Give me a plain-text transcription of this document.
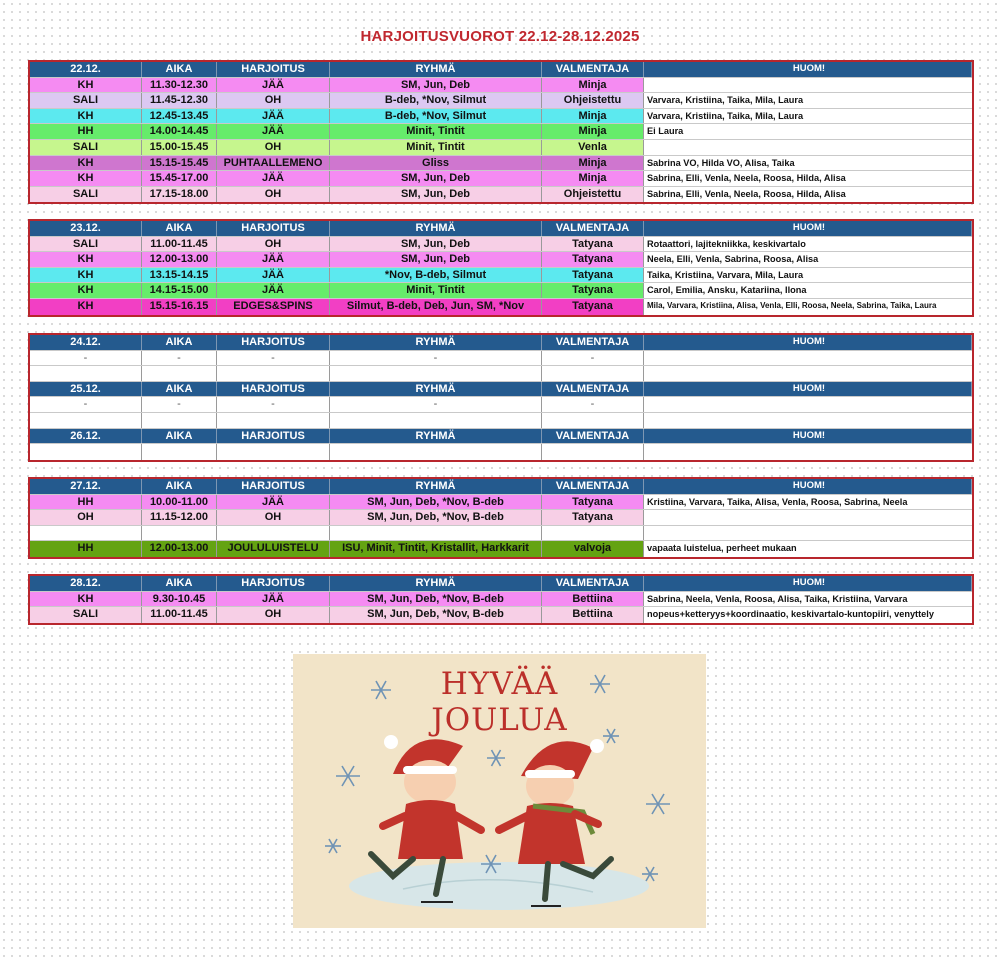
HARJOITUSVUOROT 22.12-28.12.2025
22.12.	AIKA	HARJOITUS	RYHMÄ	VALMENTAJA	HUOM!
KH	11.30-12.30	JÄÄ	SM, Jun, Deb	Minja
SALI	11.45-12.30	OH	B-deb, *Nov, Silmut	Ohjeistettu	Varvara, Kristiina, Taika, Mila, Laura
KH	12.45-13.45	JÄÄ	B-deb, *Nov, Silmut	Minja	Varvara, Kristiina, Taika, Mila, Laura
HH	14.00-14.45	JÄÄ	Minit, Tintit	Minja	Ei Laura
SALI	15.00-15.45	OH	Minit, Tintit	Venla
KH	15.15-15.45	PUHTAALLEMENO	Gliss	Minja	Sabrina VO, Hilda VO, Alisa, Taika
KH	15.45-17.00	JÄÄ	SM, Jun, Deb	Minja	Sabrina, Elli, Venla, Neela, Roosa, Hilda, Alisa
SALI	17.15-18.00	OH	SM, Jun, Deb	Ohjeistettu	Sabrina, Elli, Venla, Neela, Roosa, Hilda, Alisa
23.12.	AIKA	HARJOITUS	RYHMÄ	VALMENTAJA	HUOM!
SALI	11.00-11.45	OH	SM, Jun, Deb	Tatyana	Rotaattori, lajitekniikka, keskivartalo
KH	12.00-13.00	JÄÄ	SM, Jun, Deb	Tatyana	Neela, Elli, Venla, Sabrina, Roosa, Alisa
KH	13.15-14.15	JÄÄ	*Nov, B-deb, Silmut	Tatyana	Taika, Kristiina, Varvara, Mila, Laura
KH	14.15-15.00	JÄÄ	Minit, Tintit	Tatyana	Carol, Emilia, Ansku, Katariina, Ilona
KH	15.15-16.15	EDGES&SPINS	Silmut, B-deb, Deb, Jun, SM, *Nov	Tatyana	Mila, Varvara, Kristiina, Alisa, Venla, Elli, Roosa, Neela, Sabrina, Taika, Laura
24.12.	AIKA	HARJOITUS	RYHMÄ	VALMENTAJA	HUOM!
-	-	-	-	-
25.12.	AIKA	HARJOITUS	RYHMÄ	VALMENTAJA	HUOM!
-	-	-	-	-
26.12.	AIKA	HARJOITUS	RYHMÄ	VALMENTAJA	HUOM!
27.12.	AIKA	HARJOITUS	RYHMÄ	VALMENTAJA	HUOM!
HH	10.00-11.00	JÄÄ	SM, Jun, Deb, *Nov, B-deb	Tatyana	Kristiina, Varvara, Taika, Alisa, Venla, Roosa, Sabrina, Neela
OH	11.15-12.00	OH	SM, Jun, Deb, *Nov, B-deb	Tatyana
HH	12.00-13.00	JOULULUISTELU	ISU, Minit, Tintit, Kristallit, Harkkarit	valvoja	vapaata luistelua, perheet mukaan
28.12.	AIKA	HARJOITUS	RYHMÄ	VALMENTAJA	HUOM!
KH	9.30-10.45	JÄÄ	SM, Jun, Deb, *Nov, B-deb	Bettiina	Sabrina, Neela, Venla, Roosa, Alisa, Taika, Kristiina, Varvara
SALI	11.00-11.45	OH	SM, Jun, Deb, *Nov, B-deb	Bettiina	nopeus+ketteryys+koordinaatio, keskivartalo-kuntopiiri, venyttely
HYVÄÄ
JOULUA
